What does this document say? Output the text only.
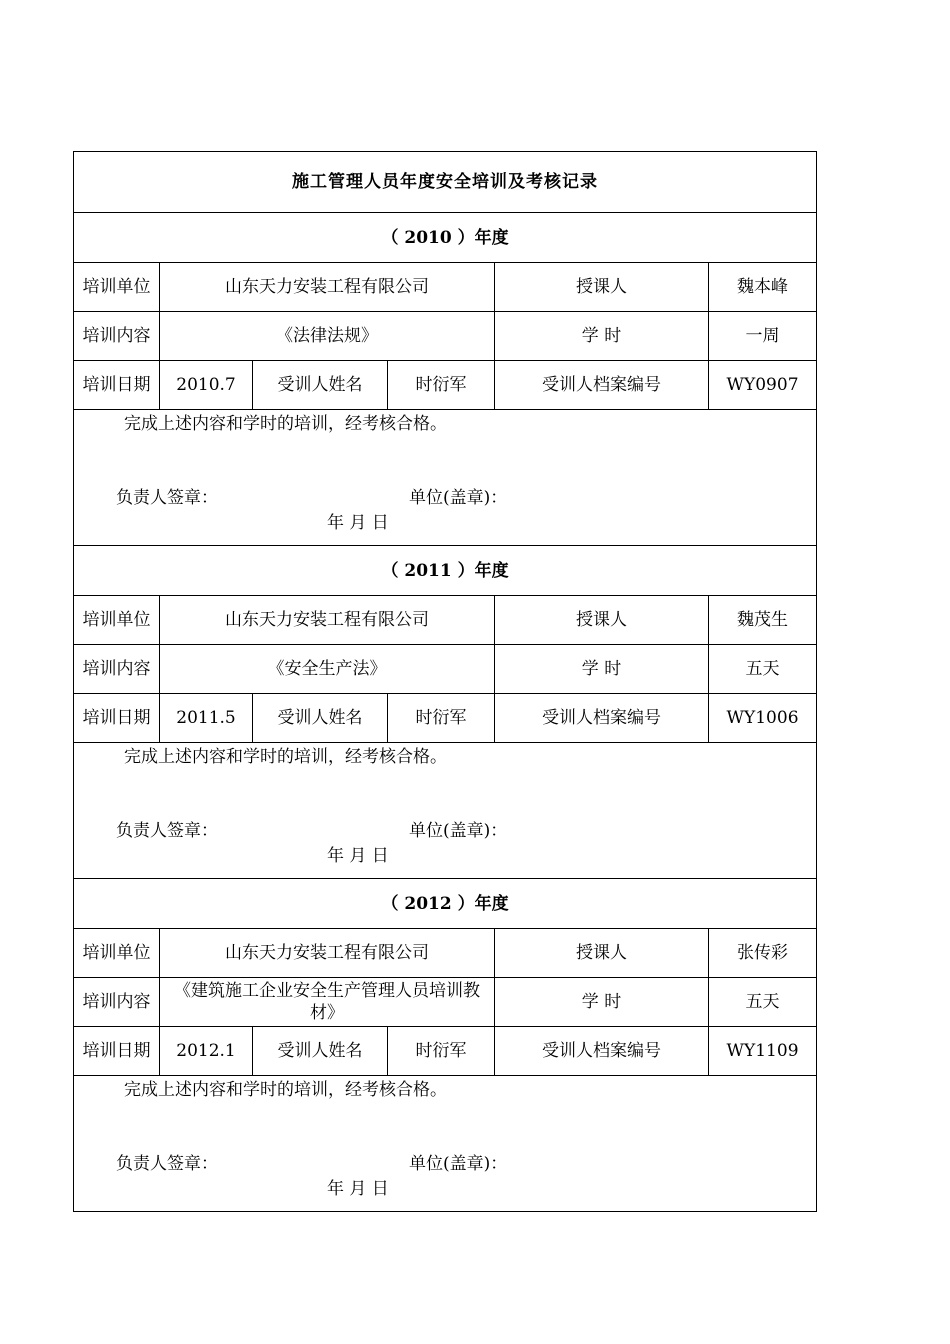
施工管理人员年度安全培训及考核记录					
（ 2010 ）年度					
培训单位	山东天力安装工程有限公司			授课人	魏本峰
培训内容	《法律法规》			学 时	一周
培训日期	2010.7	受训人姓名	时衍军	受训人档案编号	WY0907

完成上述内容和学时的培训，经考核合格。
负责人签章： 单位(盖章)：
年 月 日					

（ 2011 ）年度					
培训单位	山东天力安装工程有限公司			授课人	魏茂生
培训内容	《安全生产法》			学 时	五天
培训日期	2011.5	受训人姓名	时衍军	受训人档案编号	WY1006

完成上述内容和学时的培训，经考核合格。
负责人签章： 单位(盖章)：
年 月 日					

（ 2012 ）年度					
培训单位	山东天力安装工程有限公司			授课人	张传彩
培训内容	《建筑施工企业安全生产管理人员培训教材》			学 时	五天
培训日期	2012.1	受训人姓名	时衍军	受训人档案编号	WY1109

完成上述内容和学时的培训，经考核合格。
负责人签章： 单位(盖章)：
年 月 日					
